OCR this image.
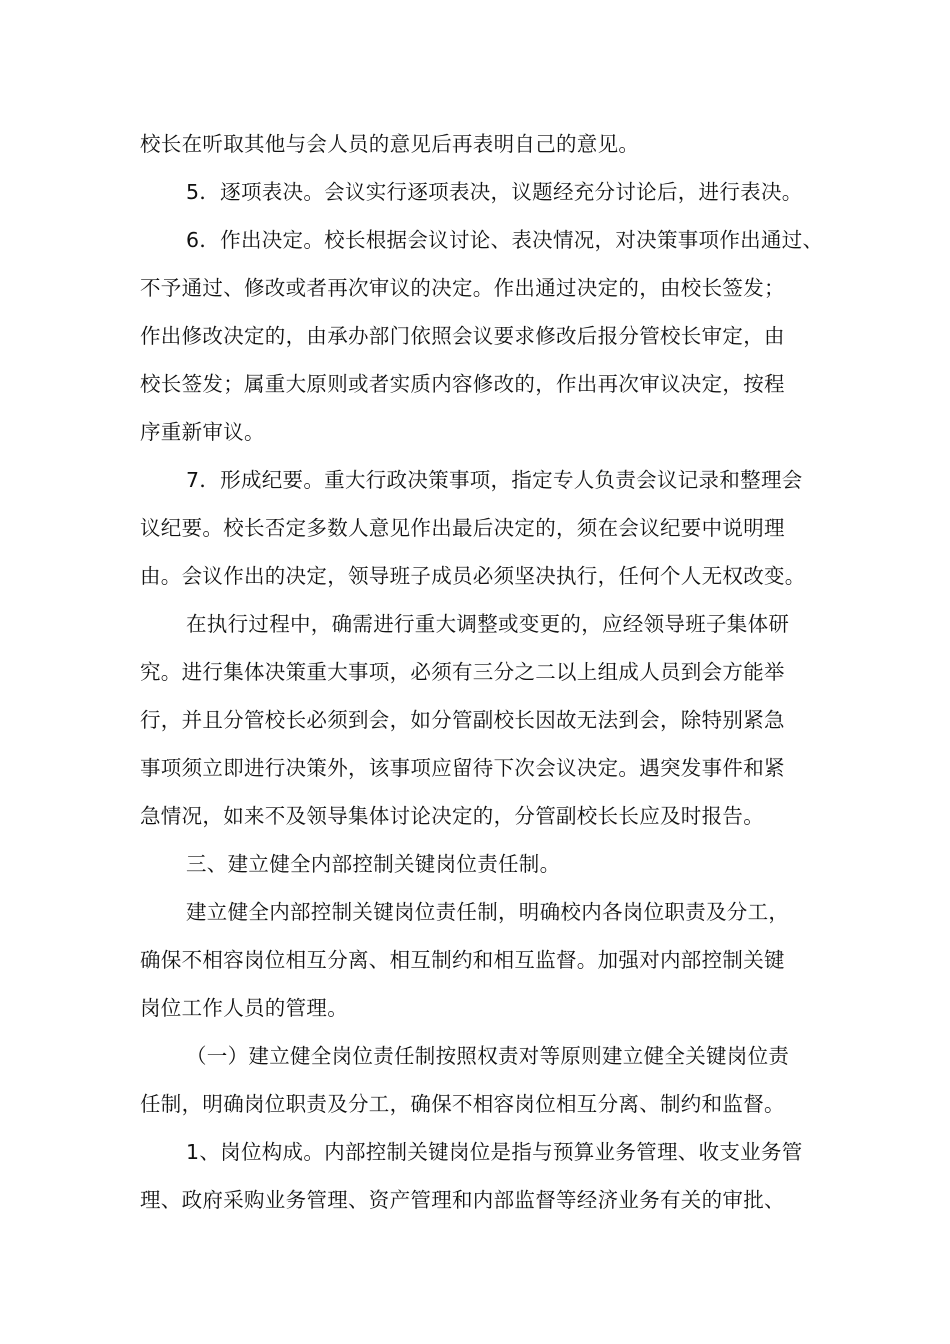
校长在听取其他与会人员的意见后再表明自己的意见。
5．逐项表决。会议实行逐项表决，议题经充分讨论后，进行表决。
6．作出决定。校长根据会议讨论、表决情况，对决策事项作出通过、
不予通过、修改或者再次审议的决定。作出通过决定的，由校长签发；
作出修改决定的，由承办部门依照会议要求修改后报分管校长审定，由
校长签发；属重大原则或者实质内容修改的，作出再次审议决定，按程
序重新审议。
7．形成纪要。重大行政决策事项，指定专人负责会议记录和整理会
议纪要。校长否定多数人意见作出最后决定的，须在会议纪要中说明理
由。会议作出的决定，领导班子成员必须坚决执行，任何个人无权改变。
在执行过程中，确需进行重大调整或变更的，应经领导班子集体研
究。进行集体决策重大事项，必须有三分之二以上组成人员到会方能举
行，并且分管校长必须到会，如分管副校长因故无法到会，除特别紧急
事项须立即进行决策外，该事项应留待下次会议决定。遇突发事件和紧
急情况，如来不及领导集体讨论决定的，分管副校长长应及时报告。
三、建立健全内部控制关键岗位责任制。
建立健全内部控制关键岗位责任制，明确校内各岗位职责及分工，
确保不相容岗位相互分离、相互制约和相互监督。加强对内部控制关键
岗位工作人员的管理。
（一）建立健全岗位责任制按照权责对等原则建立健全关键岗位责
任制，明确岗位职责及分工，确保不相容岗位相互分离、制约和监督。
1、岗位构成。内部控制关键岗位是指与预算业务管理、收支业务管
理、政府采购业务管理、资产管理和内部监督等经济业务有关的审批、
